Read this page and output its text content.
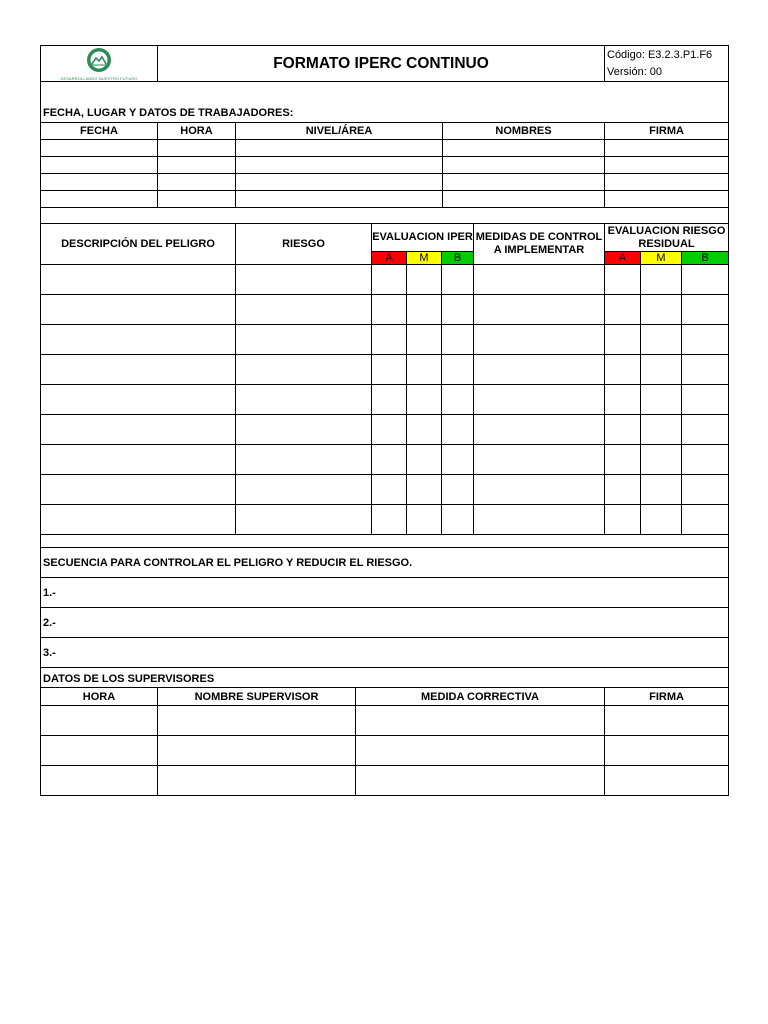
DESARROLLANDO NUESTRO FUTURO
	FORMATO IPERC CONTINUO	Código: E3.2.3.P1.F6
Versión: 00
FECHA, LUGAR Y DATOS DE TRABAJADORES:				
FECHA	HORA	NIVEL/ÁREA	NOMBRES	FIRMA

DESCRIPCIÓN DEL PELIGRO	RIESGO	EVALUACION IPER			MEDIDAS DE CONTROL A IMPLEMENTAR	EVALUACION RIESGO RESIDUAL		
		A	M	B		A	M	B

SECUENCIA PARA CONTROLAR EL PELIGRO Y REDUCIR EL RIESGO.
1.-
2.-
3.-
DATOS DE LOS SUPERVISORES			
HORA	NOMBRE SUPERVISOR	MEDIDA CORRECTIVA	FIRMA
